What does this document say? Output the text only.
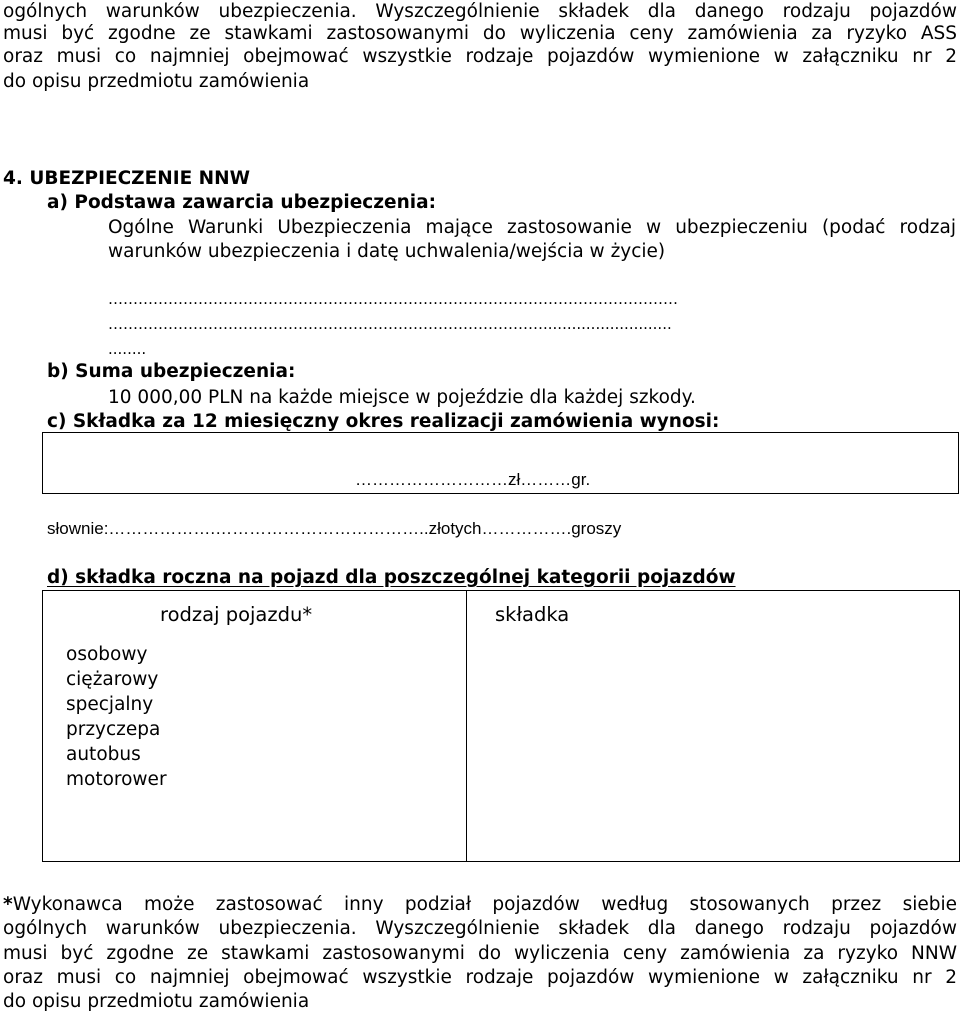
ogólnych warunków ubezpieczenia. Wyszczególnienie składek dla danego rodzaju pojazdów
musi być zgodne ze stawkami zastosowanymi do wyliczenia ceny zamówienia za ryzyko ASS
oraz musi co najmniej obejmować wszystkie rodzaje pojazdów wymienione w załączniku nr 2
do opisu przedmiotu zamówienia
4. UBEZPIECZENIE NNW
a) Podstawa zawarcia ubezpieczenia:
Ogólne Warunki Ubezpieczenia mające zastosowanie w ubezpieczeniu (podać rodzaj
warunków ubezpieczenia i datę uchwalenia/wejścia w życie)
……………………………………………………………………………………………………
……………………………………………………………………………...........................
........
b) Suma ubezpieczenia:
10 000,00 PLN na każde miejsce w pojeździe dla każdej szkody.
c) Składka za 12 miesięczny okres realizacji zamówienia wynosi:
………………………zł………gr.
słownie:……………….………………………………..złotych…………….groszy
d) składka roczna na pojazd dla poszczególnej kategorii pojazdów
rodzaj pojazdu*	składka
osobowy
ciężarowy
specjalny
przyczepa
autobus
motorower
*Wykonawca może zastosować inny podział pojazdów według stosowanych przez siebie
ogólnych warunków ubezpieczenia. Wyszczególnienie składek dla danego rodzaju pojazdów
musi być zgodne ze stawkami zastosowanymi do wyliczenia ceny zamówienia za ryzyko NNW
oraz musi co najmniej obejmować wszystkie rodzaje pojazdów wymienione w załączniku nr 2
do opisu przedmiotu zamówienia
